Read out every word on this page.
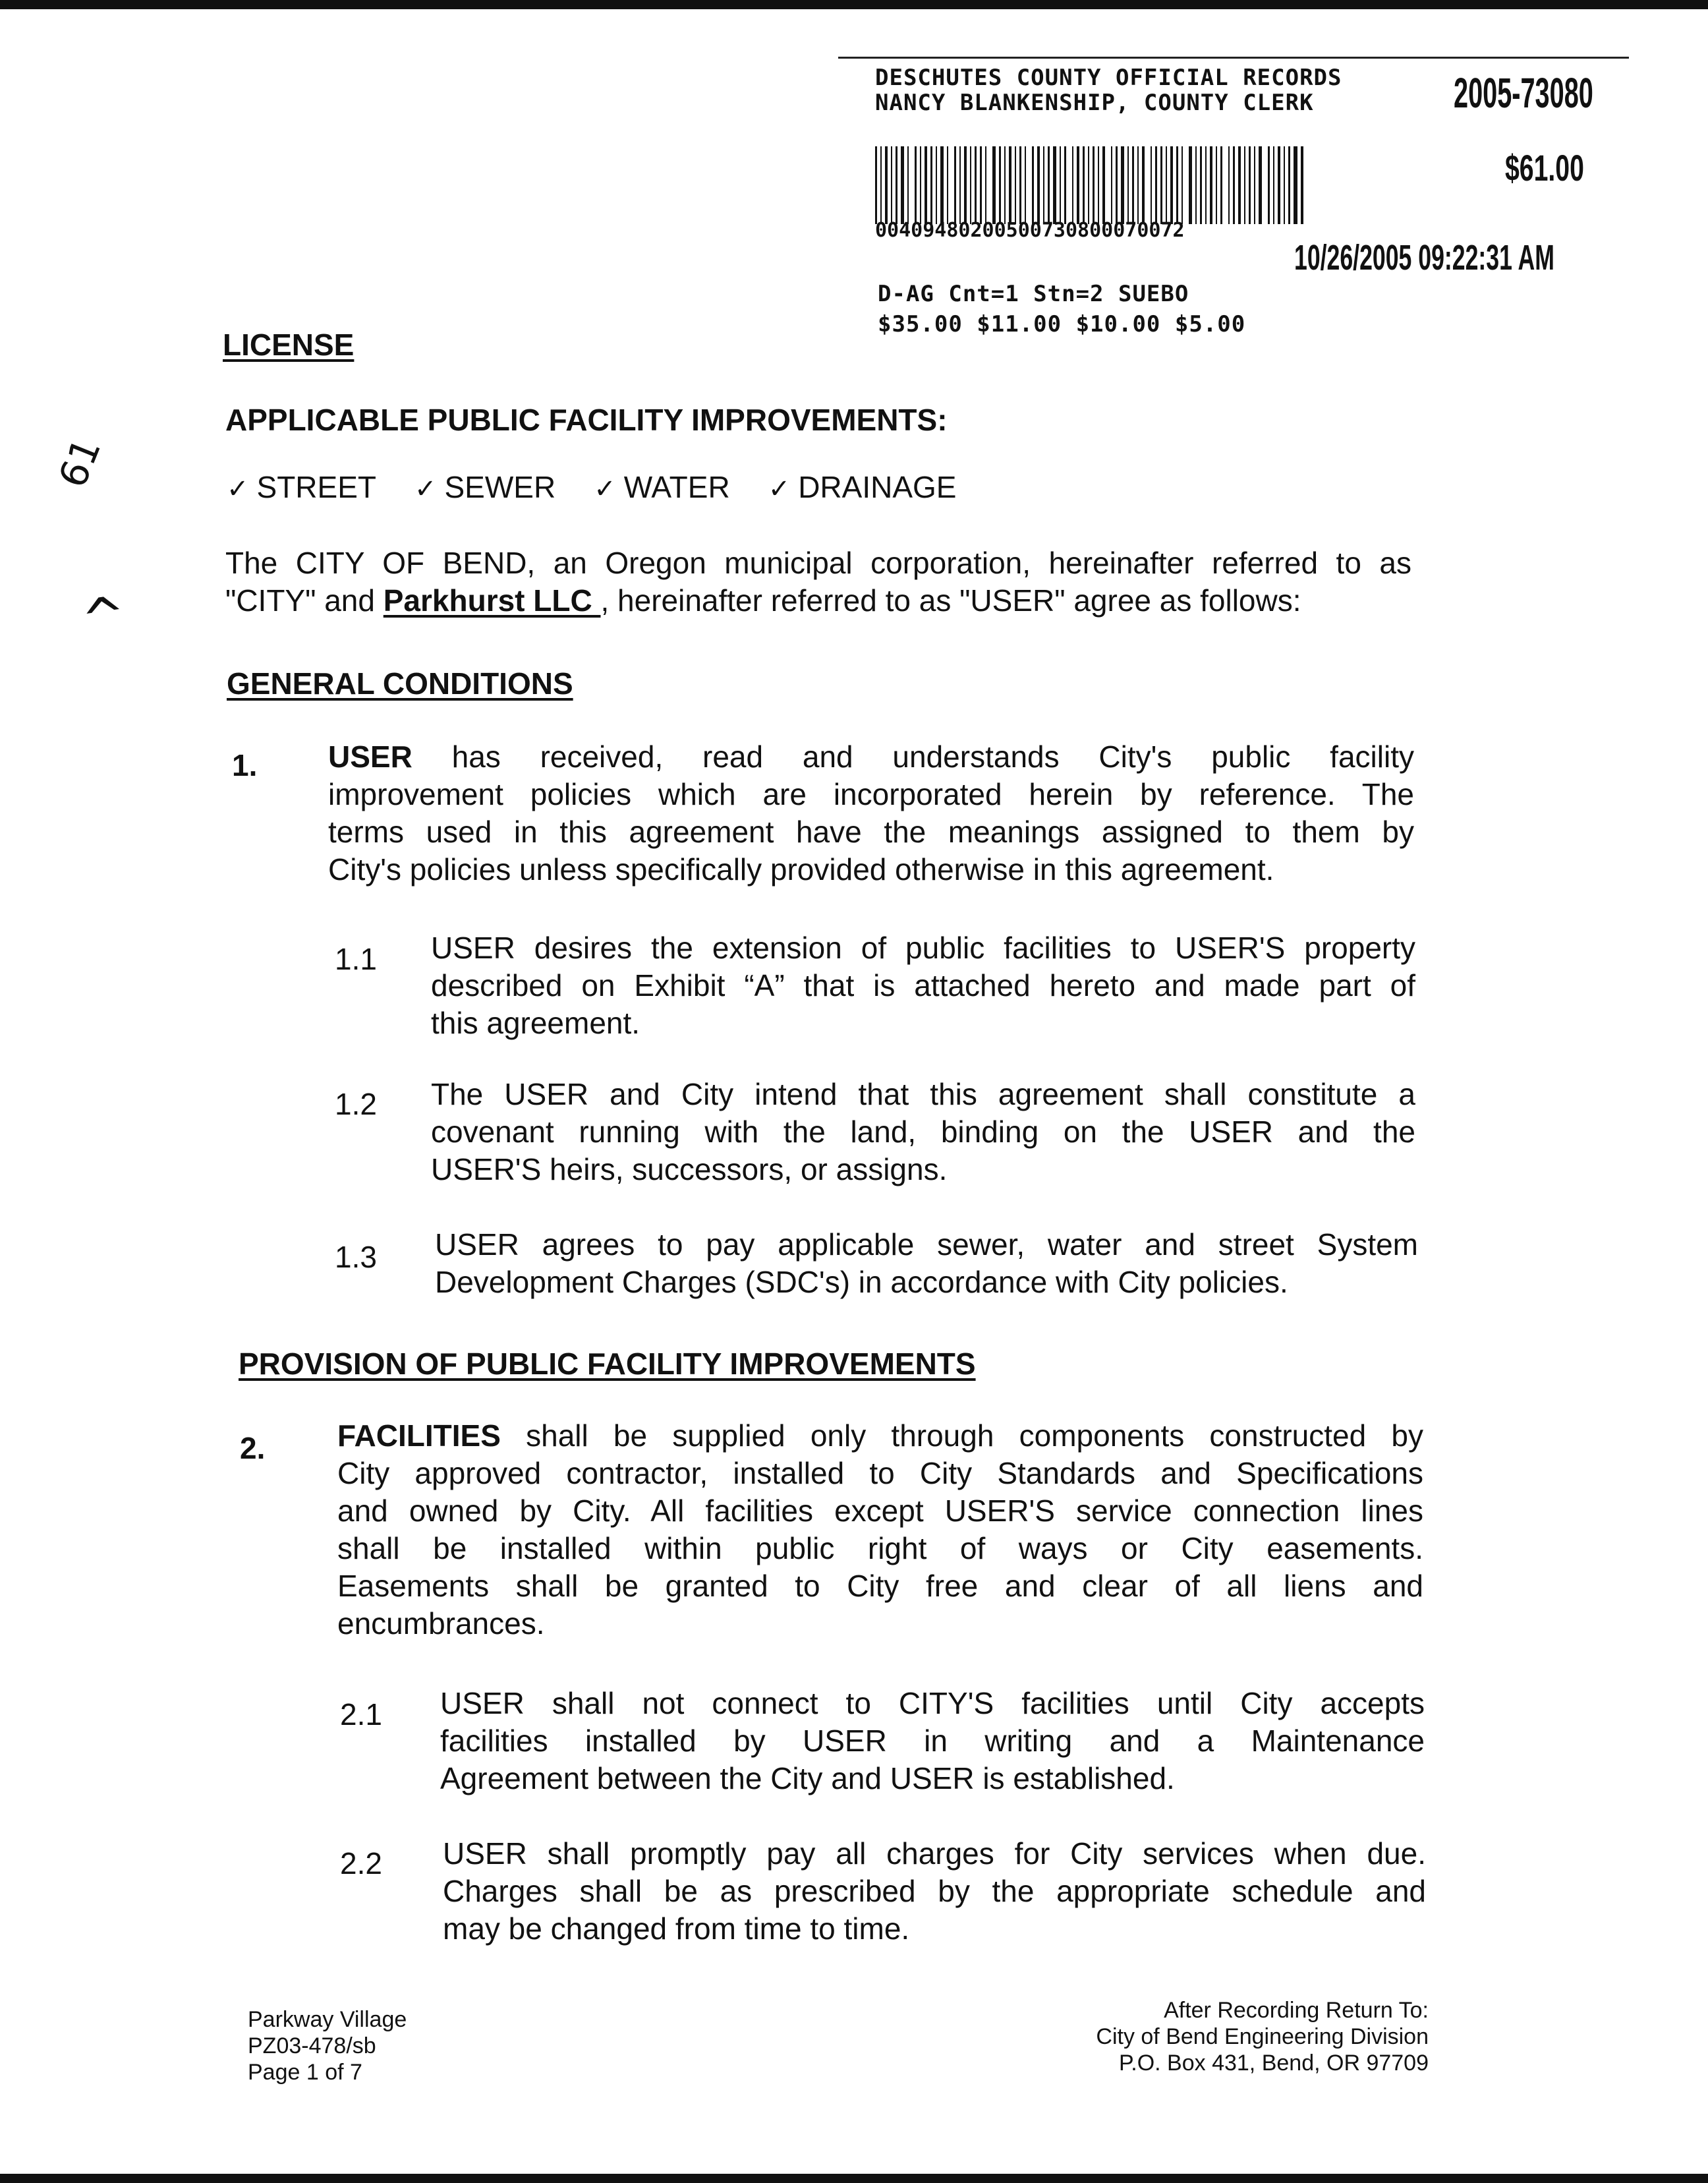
DESCHUTES COUNTY OFFICIAL RECORDS
NANCY BLANKENSHIP, COUNTY CLERK	2005-73080
$61.00
00409480200500730800070072
10/26/2005 09:22:31 AM
D-AG Cnt=1 Stn=2 SUEBO
$35.00 $11.00 $10.00 $5.00
61
^
LICENSE
APPLICABLE PUBLIC FACILITY IMPROVEMENTS:
✓ STREET ✓ SEWER ✓ WATER ✓ DRAINAGE
The CITY OF BEND, an Oregon municipal corporation, hereinafter referred to as
"CITY" and Parkhurst LLC , hereinafter referred to as "USER" agree as follows:
GENERAL CONDITIONS
1. USER has received, read and understands City's public facility
improvement policies which are incorporated herein by reference. The
terms used in this agreement have the meanings assigned to them by
City's policies unless specifically provided otherwise in this agreement.
1.1 USER desires the extension of public facilities to USER'S property
described on Exhibit “A” that is attached hereto and made part of
this agreement.
1.2 The USER and City intend that this agreement shall constitute a
covenant running with the land, binding on the USER and the
USER'S heirs, successors, or assigns.
1.3 USER agrees to pay applicable sewer, water and street System
Development Charges (SDC's) in accordance with City policies.
PROVISION OF PUBLIC FACILITY IMPROVEMENTS
2. FACILITIES shall be supplied only through components constructed by
City approved contractor, installed to City Standards and Specifications
and owned by City. All facilities except USER'S service connection lines
shall be installed within public right of ways or City easements.
Easements shall be granted to City free and clear of all liens and
encumbrances.
2.1 USER shall not connect to CITY'S facilities until City accepts
facilities installed by USER in writing and a Maintenance
Agreement between the City and USER is established.
2.2 USER shall promptly pay all charges for City services when due.
Charges shall be as prescribed by the appropriate schedule and
may be changed from time to time.
Parkway Village
PZ03-478/sb
Page 1 of 7
After Recording Return To:
City of Bend Engineering Division
P.O. Box 431, Bend, OR 97709
